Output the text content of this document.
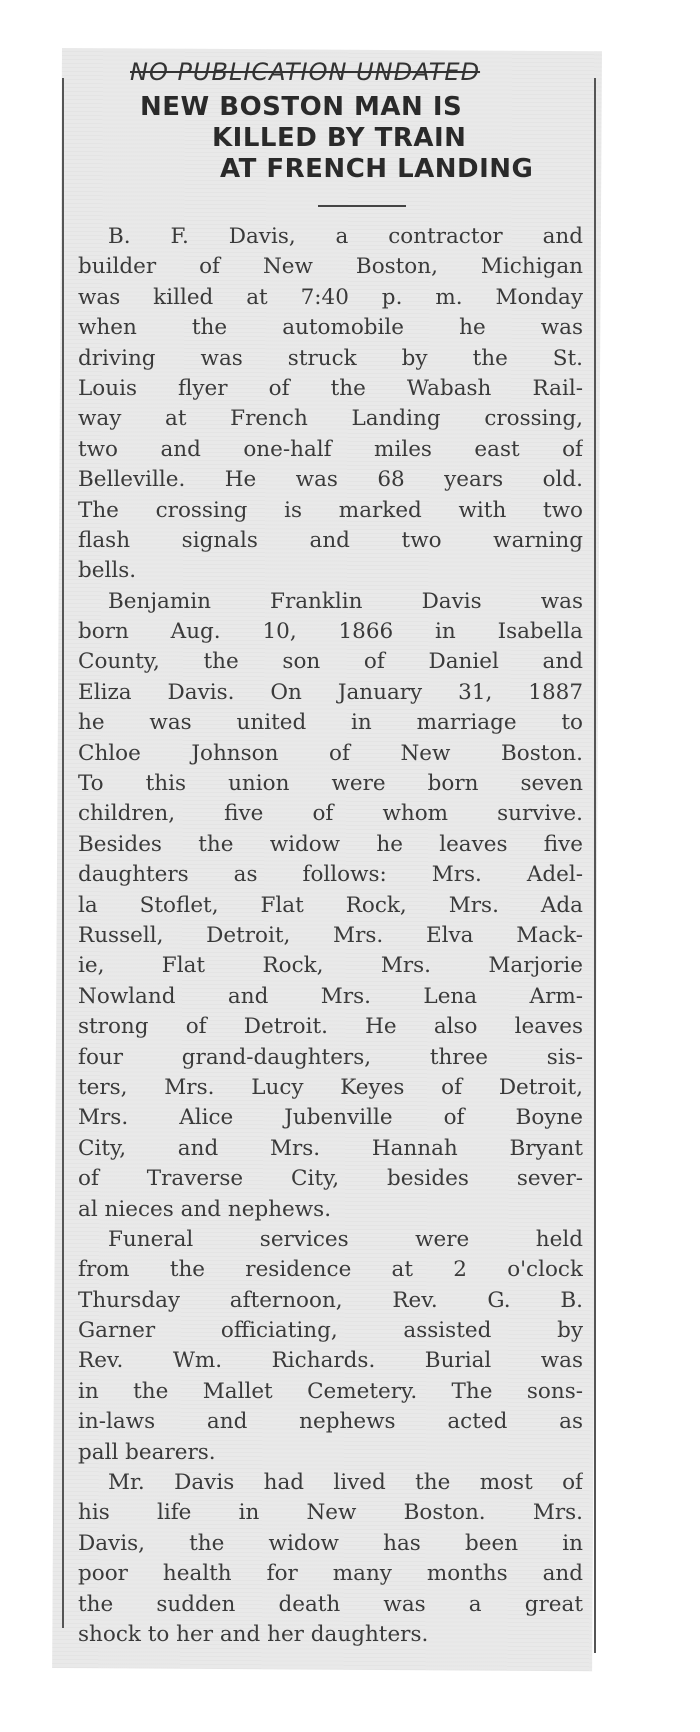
NO PUBLICATION UNDATED
NEW BOSTON MAN IS
KILLED BY TRAIN
AT FRENCH LANDING
B. F. Davis, a contractor and
builder of New Boston, Michigan
was killed at 7:40 p. m. Monday
when the automobile he was
driving was struck by the St.
Louis flyer of the Wabash Rail-
way at French Landing crossing,
two and one-half miles east of
Belleville. He was 68 years old.
The crossing is marked with two
flash signals and two warning
bells.
Benjamin Franklin Davis was
born Aug. 10, 1866 in Isabella
County, the son of Daniel and
Eliza Davis. On January 31, 1887
he was united in marriage to
Chloe Johnson of New Boston.
To this union were born seven
children, five of whom survive.
Besides the widow he leaves five
daughters as follows: Mrs. Adel-
la Stoflet, Flat Rock, Mrs. Ada
Russell, Detroit, Mrs. Elva Mack-
ie, Flat Rock, Mrs. Marjorie
Nowland and Mrs. Lena Arm-
strong of Detroit. He also leaves
four grand-daughters, three sis-
ters, Mrs. Lucy Keyes of Detroit,
Mrs. Alice Jubenville of Boyne
City, and Mrs. Hannah Bryant
of Traverse City, besides sever-
al nieces and nephews.
Funeral services were held
from the residence at 2 o'clock
Thursday afternoon, Rev. G. B.
Garner officiating, assisted by
Rev. Wm. Richards. Burial was
in the Mallet Cemetery. The sons-
in-laws and nephews acted as
pall bearers.
Mr. Davis had lived the most of
his life in New Boston. Mrs.
Davis, the widow has been in
poor health for many months and
the sudden death was a great
shock to her and her daughters.
